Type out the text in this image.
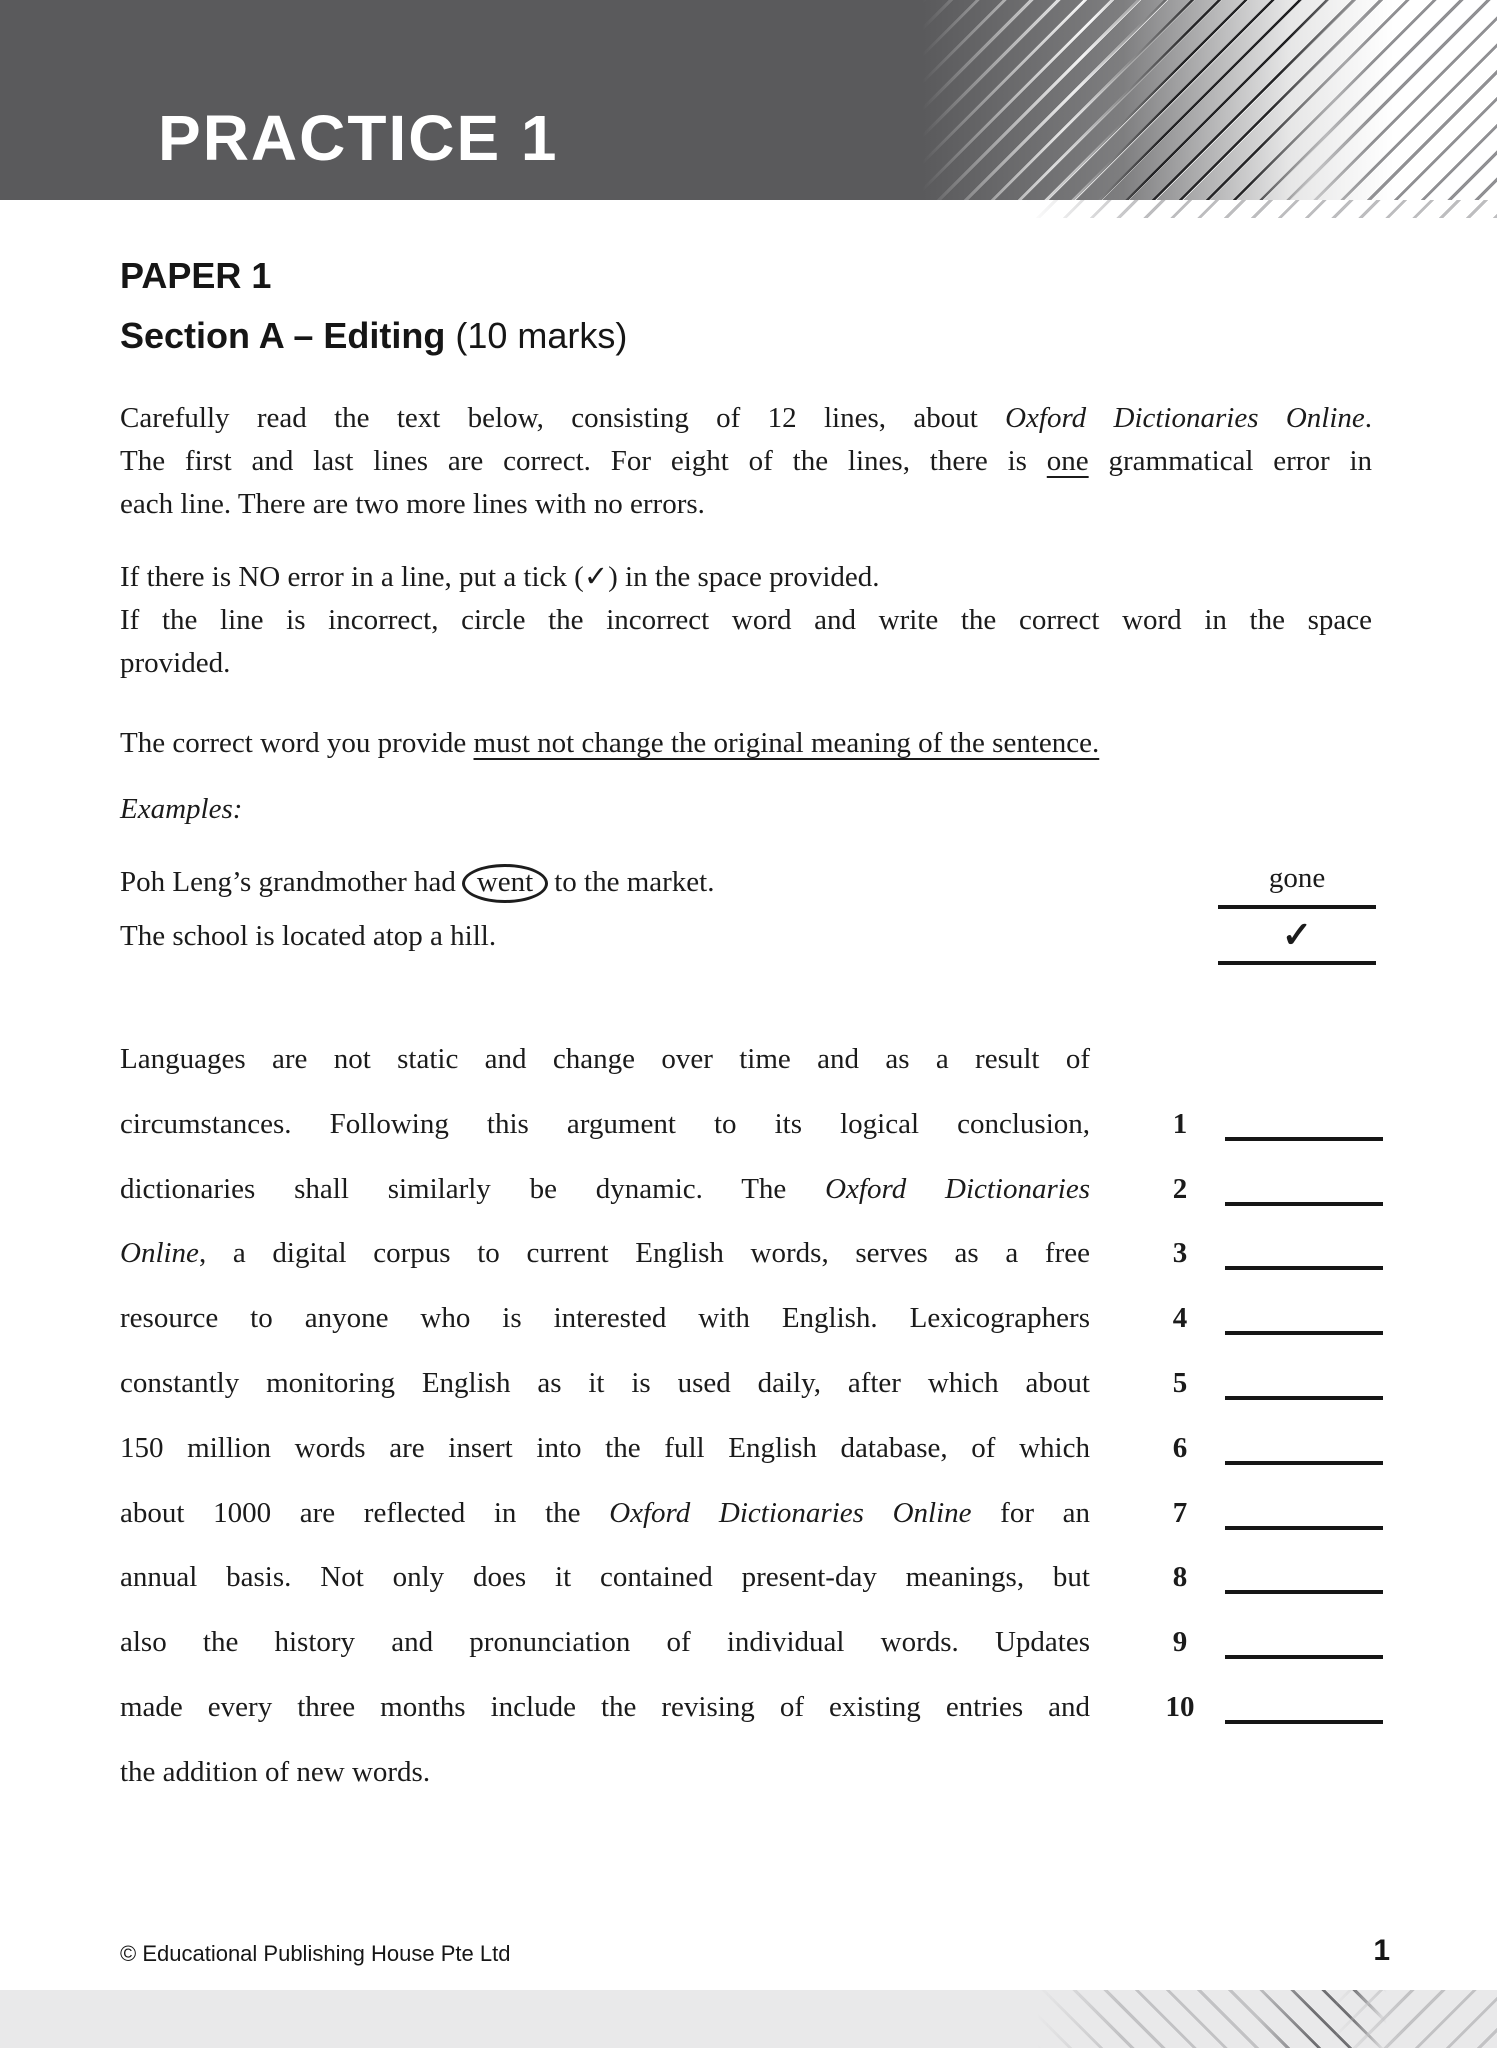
PRACTICE 1
PAPER 1
Section A – Editing (10 marks)
Carefully read the text below, consisting of 12 lines, about Oxford Dictionaries Online.
The first and last lines are correct. For eight of the lines, there is one grammatical error in
each line. There are two more lines with no errors.
If there is NO error in a line, put a tick (✓) in the space provided.
If the line is incorrect, circle the incorrect word and write the correct word in the space
provided.
The correct word you provide must not change the original meaning of the sentence.
Examples:
Poh Leng’s grandmother had went to the market.	gone
The school is located atop a hill.	✓
Languages are not static and change over time and as a result of
circumstances. Following this argument to its logical conclusion,	1
dictionaries shall similarly be dynamic. The Oxford Dictionaries	2
Online, a digital corpus to current English words, serves as a free	3
resource to anyone who is interested with English. Lexicographers	4
constantly monitoring English as it is used daily, after which about	5
150 million words are insert into the full English database, of which	6
about 1000 are reflected in the Oxford Dictionaries Online for an	7
annual basis. Not only does it contained present-day meanings, but	8
also the history and pronunciation of individual words. Updates	9
made every three months include the revising of existing entries and	10
the addition of new words.
© Educational Publishing House Pte Ltd	1
